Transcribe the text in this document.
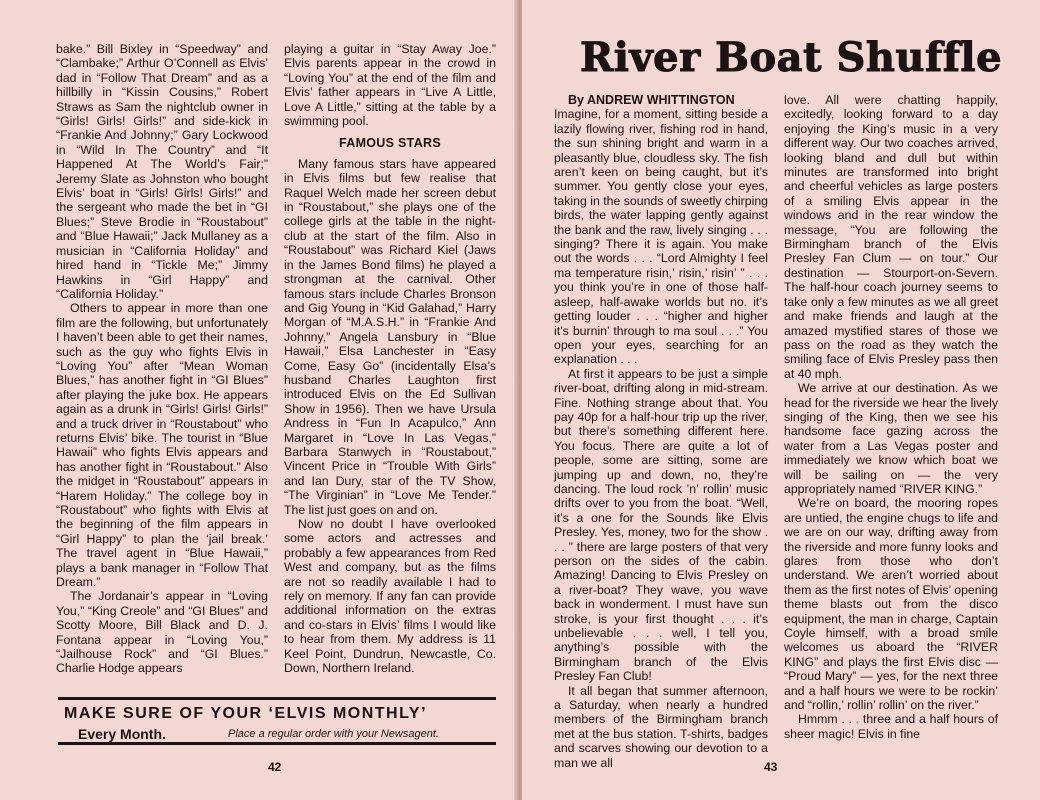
bake.” Bill Bixley in “Speedway” and “Clambake;” Arthur O’Connell as Elvis’ dad in “Follow That Dream” and as a hillbilly in “Kissin Cousins,” Robert Straws as Sam the nightclub owner in “Girls! Girls! Girls!” and side-kick in “Frankie And Johnny;” Gary Lockwood in “Wild In The Country” and “It Happened At The World’s Fair;” Jeremy Slate as Johnston who bought Elvis’ boat in “Girls! Girls! Girls!” and the sergeant who made the bet in “GI Blues;” Steve Brodie in “Roustabout” and “Blue Hawaii;” Jack Mullaney as a musician in “California Holiday” and hired hand in “Tickle Me;” Jimmy Hawkins in “Girl Happy” and “California Holiday.”

Others to appear in more than one film are the following, but unfortunately I haven’t been able to get their names, such as the guy who fights Elvis in “Loving You” after “Mean Woman Blues,” has another fight in “GI Blues” after playing the juke box. He appears again as a drunk in “Girls! Girls! Girls!” and a truck driver in “Roustabout” who returns Elvis’ bike. The tourist in “Blue Hawaii” who fights Elvis appears and has another fight in “Roustabout.” Also the midget in “Roustabout” appears in “Harem Holiday.” The college boy in “Roustabout” who fights with Elvis at the beginning of the film appears in “Girl Happy” to plan the ‘jail break.’ The travel agent in “Blue Hawaii,” plays a bank manager in “Follow That Dream.”

The Jordanair’s appear in “Loving You,” “King Creole” and “GI Blues” and Scotty Moore, Bill Black and D. J. Fontana appear in “Loving You,” “Jailhouse Rock” and “GI Blues.” Charlie Hodge appears

playing a guitar in “Stay Away Joe.” Elvis parents appear in the crowd in “Loving You” at the end of the film and Elvis’ father appears in “Live A Little, Love A Little,” sitting at the table by a swimming pool.

FAMOUS STARS

Many famous stars have appeared in Elvis films but few realise that Raquel Welch made her screen debut in “Roustabout,” she plays one of the college girls at the table in the night-club at the start of the film. Also in “Roustabout” was Richard Kiel (Jaws in the James Bond films) he played a strongman at the carnival. Other famous stars include Charles Bronson and Gig Young in “Kid Galahad,” Harry Morgan of “M.A.S.H.” in “Frankie And Johnny,” Angela Lansbury in “Blue Hawaii,” Elsa Lanchester in “Easy Come, Easy Go” (incidentally Elsa’s husband Charles Laughton first introduced Elvis on the Ed Sullivan Show in 1956). Then we have Ursula Andress in “Fun In Acapulco,” Ann Margaret in “Love In Las Vegas,” Barbara Stanwych in “Roustabout,” Vincent Price in “Trouble With Girls” and Ian Dury, star of the TV Show, “The Virginian” in “Love Me Tender.” The list just goes on and on.

Now no doubt I have overlooked some actors and actresses and probably a few appearances from Red West and company, but as the films are not so readily available I had to rely on memory. If any fan can provide additional information on the extras and co-stars in Elvis’ films I would like to hear from them. My address is 11 Keel Point, Dundrun, Newcastle, Co. Down, Northern Ireland.

MAKE SURE OF YOUR ‘ELVIS MONTHLY’
Every Month.	Place a regular order with your Newsagent.
42
River Boat Shuffle

By ANDREW WHITTINGTON

Imagine, for a moment, sitting beside a lazily flowing river, fishing rod in hand, the sun shining bright and warm in a pleasantly blue, cloudless sky. The fish aren’t keen on being caught, but it’s summer. You gently close your eyes, taking in the sounds of sweetly chirping birds, the water lapping gently against the bank and the raw, lively singing . . . singing? There it is again. You make out the words . . . “Lord Almighty I feel ma temperature risin,’ risin,’ risin’ ” . . . you think you’re in one of those half-asleep, half-awake worlds but no. it’s getting louder . . . “higher and higher it’s burnin’ through to ma soul . . .” You open your eyes, searching for an explanation . . .

At first it appears to be just a simple river-boat, drifting along in mid-stream. Fine. Nothing strange about that. You pay 40p for a half-hour trip up the river, but there’s something different here. You focus. There are quite a lot of people, some are sitting, some are jumping up and down, no, they’re dancing. The loud rock ’n’ rollin’ music drifts over to you from the boat. “Well, it’s a one for the Sounds like Elvis Presley. Yes, money, two for the show . . . ” there are large posters of that very person on the sides of the cabin. Amazing! Dancing to Elvis Presley on a river-boat? They wave, you wave back in wonderment. I must have sun stroke, is your first thought . . . it’s unbelievable . . . well, I tell you, anything’s possible with the Birmingham branch of the Elvis Presley Fan Club!

It all began that summer afternoon, a Saturday, when nearly a hundred members of the Birmingham branch met at the bus station. T-shirts, badges and scarves showing our devotion to a man we all

love. All were chatting happily, excitedly, looking forward to a day enjoying the King’s music in a very different way. Our two coaches arrived, looking bland and dull but within minutes are transformed into bright and cheerful vehicles as large posters of a smiling Elvis appear in the windows and in the rear window the message, “You are following the Birmingham branch of the Elvis Presley Fan Clum — on tour.” Our destination — Stourport-on-Severn. The half-hour coach journey seems to take only a few minutes as we all greet and make friends and laugh at the amazed mystified stares of those we pass on the road as they watch the smiling face of Elvis Presley pass then at 40 mph.

We arrive at our destination. As we head for the riverside we hear the lively singing of the King, then we see his handsome face gazing across the water from a Las Vegas poster and immediately we know which boat we will be sailing on — the very appropriately named “RIVER KING.”

We’re on board, the mooring ropes are untied, the engine chugs to life and we are on our way, drifting away from the riverside and more funny looks and glares from those who don’t understand. We aren’t worried about them as the first notes of Elvis’ opening theme blasts out from the disco equipment, the man in charge, Captain Coyle himself, with a broad smile welcomes us aboard the “RIVER KING” and plays the first Elvis disc — “Proud Mary” — yes, for the next three and a half hours we were to be rockin’ and “rollin,’ rollin’ rollin’ on the river.”

Hmmm . . . three and a half hours of sheer magic! Elvis in fine

43
